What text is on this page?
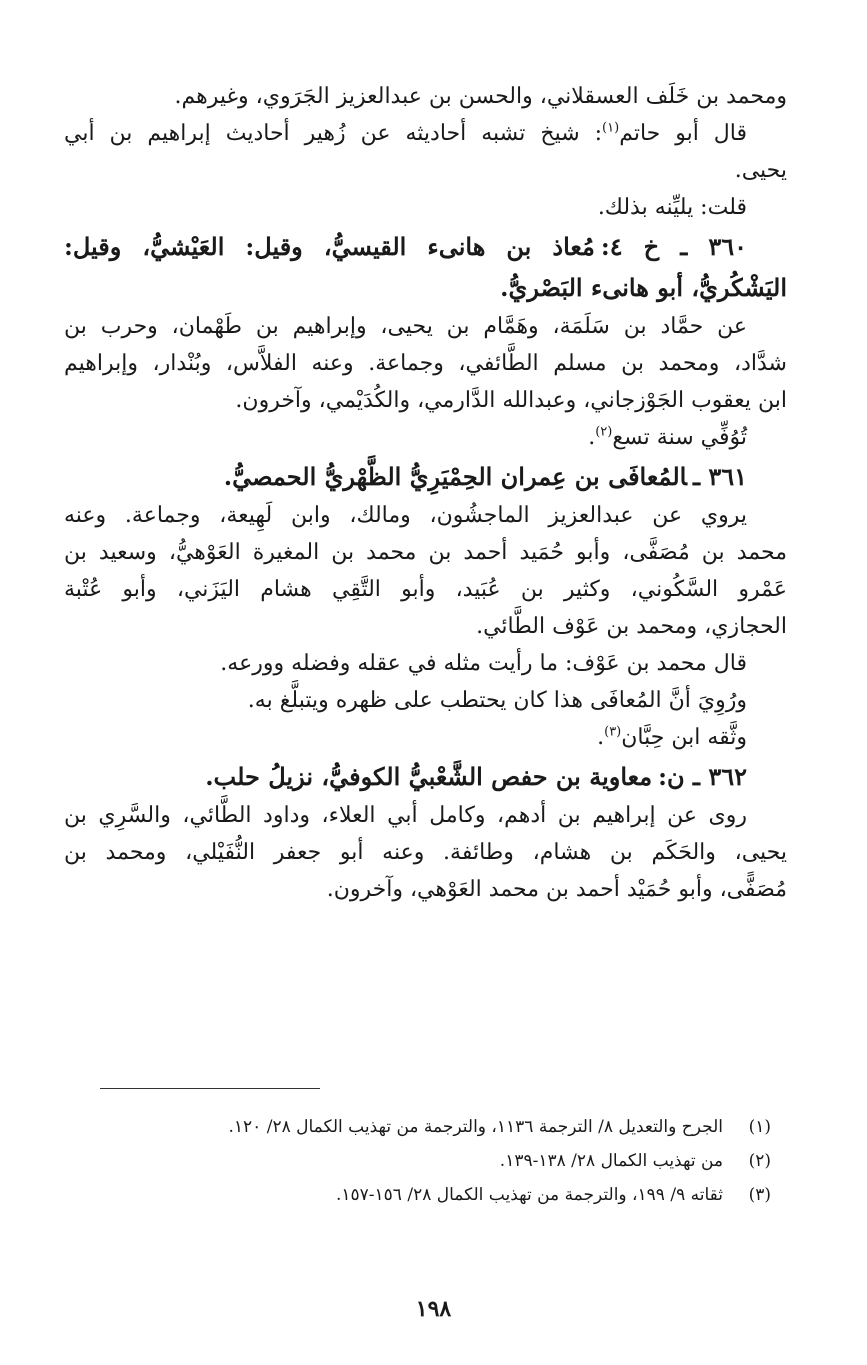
ومحمد بن خَلَف العسقلاني، والحسن بن عبدالعزيز الجَرَوي، وغيرهم.

قال أبو حاتم$^{(١)}$: شيخ تشبه أحاديثه عن زُهير أحاديث إبراهيم بن أبي

يحيى.

قلت: يليِّنه بذلك.

٣٦٠ ـ خ ٤:مُعاذ بن هانىء القيسيُّ، وقيل: العَيْشيُّ، وقيل:

اليَشْكُريُّ، أبو هانىء البَصْريُّ.

عن حمَّاد بن سَلَمَة، وهَمَّام بن يحيى، وإبراهيم بن طَهْمان، وحرب بن

شدَّاد، ومحمد بن مسلم الطَّائفي، وجماعة. وعنه الفلاَّس، وبُنْدار، وإبراهيم

ابن يعقوب الجَوْزجاني، وعبدالله الدَّارمي، والكُدَيْمي، وآخرون.

تُوُفِّي سنة تسع$^{(٢)}$.

٣٦١ ـالمُعافَى بن عِمران الحِمْيَرِيُّ الظَّهْريُّ الحمصيُّ.

يروي عن عبدالعزيز الماجشُون، ومالك، وابن لَهِيعة، وجماعة. وعنه

محمد بن مُصَفَّى، وأبو حُمَيد أحمد بن محمد بن المغيرة العَوْهيُّ، وسعيد بن

عَمْرو السَّكُوني، وكثير بن عُبَيد، وأبو التَّقِي هشام اليَزَني، وأبو عُتْبة

الحجازي، ومحمد بن عَوْف الطَّائي.

قال محمد بن عَوْف: ما رأيت مثله في عقله وفضله وورعه.

ورُوِيَ أنَّ المُعافَى هذا كان يحتطب على ظهره ويتبلَّغ به.

وثَّقه ابن حِبَّان$^{(٣)}$.

٣٦٢ ـ ن:معاوية بن حفص الشَّعْبيُّ الكوفيُّ، نزيلُ حلب.

روى عن إبراهيم بن أدهم، وكامل أبي العلاء، وداود الطَّائي، والسَّرِي بن

يحيى، والحَكَم بن هشام، وطائفة. وعنه أبو جعفر النُّفَيْلي، ومحمد بن

مُصَفًّى، وأبو حُمَيْد أحمد بن محمد العَوْهي، وآخرون.

(١)الجرح والتعديل ٨/ الترجمة ١١٣٦، والترجمة من تهذيب الكمال ٢٨/ ١٢٠.

(٢)من تهذيب الكمال ٢٨/ ١٣٨-١٣٩.

(٣)ثقاته ٩/ ١٩٩، والترجمة من تهذيب الكمال ٢٨/ ١٥٦-١٥٧.

١٩٨
